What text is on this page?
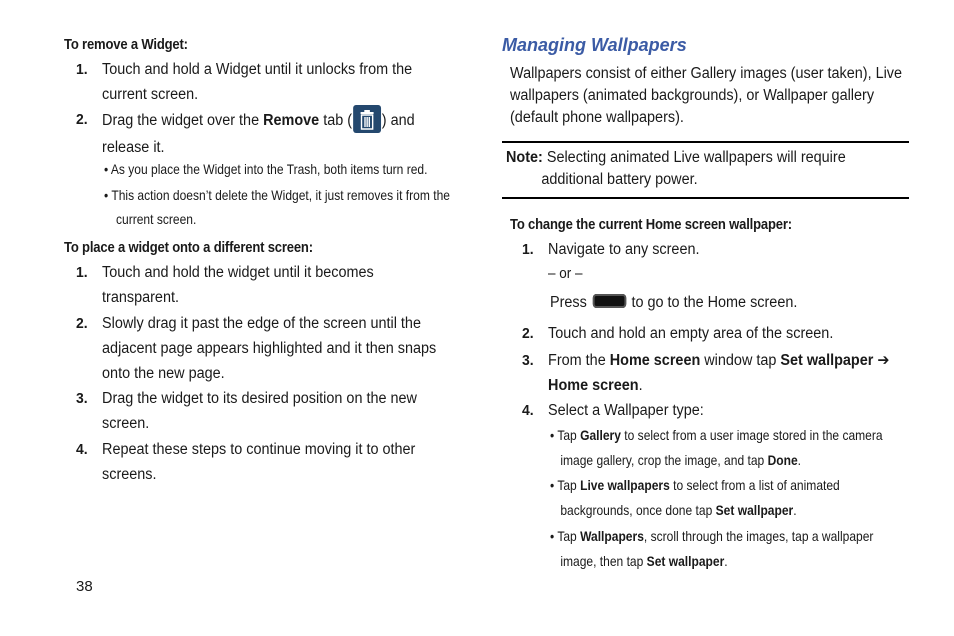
To remove a Widget:
1. Touch and hold a Widget until it unlocks from the
current screen.
2. Drag the widget over the Remove tab ( ) and
release it.
• As you place the Widget into the Trash, both items turn red.
• This action doesn’t delete the Widget, it just removes it from the
current screen.
To place a widget onto a different screen:
1. Touch and hold the widget until it becomes
transparent.
2. Slowly drag it past the edge of the screen until the
adjacent page appears highlighted and it then snaps
onto the new page.
3. Drag the widget to its desired position on the new
screen.
4. Repeat these steps to continue moving it to other
screens.
Managing Wallpapers
Wallpapers consist of either Gallery images (user taken), Live
wallpapers (animated backgrounds), or Wallpaper gallery
(default phone wallpapers).
Note: Selecting animated Live wallpapers will require
additional battery power.
To change the current Home screen wallpaper:
1. Navigate to any screen.
– or –
Press	to go to the Home screen.
2. Touch and hold an empty area of the screen.
3. From the Home screen window tap Set wallpaper ➔
Home screen.
4. Select a Wallpaper type:
• Tap Gallery to select from a user image stored in the camera
image gallery, crop the image, and tap Done.
• Tap Live wallpapers to select from a list of animated
backgrounds, once done tap Set wallpaper.
• Tap Wallpapers, scroll through the images, tap a wallpaper
image, then tap Set wallpaper.
38
